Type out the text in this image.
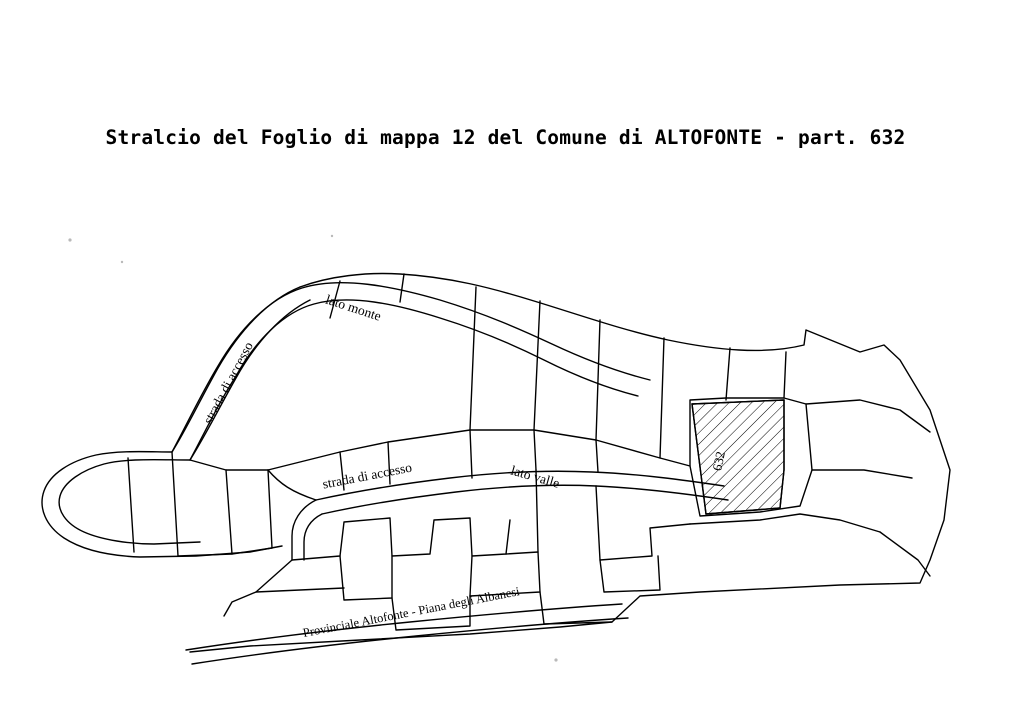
Stralcio del Foglio di mappa 12 del Comune di ALTOFONTE - part. 632
632
strada di accesso
lato monte
strada di accesso	lato valle
Provinciale Altofonte - Piana degli Albanesi
